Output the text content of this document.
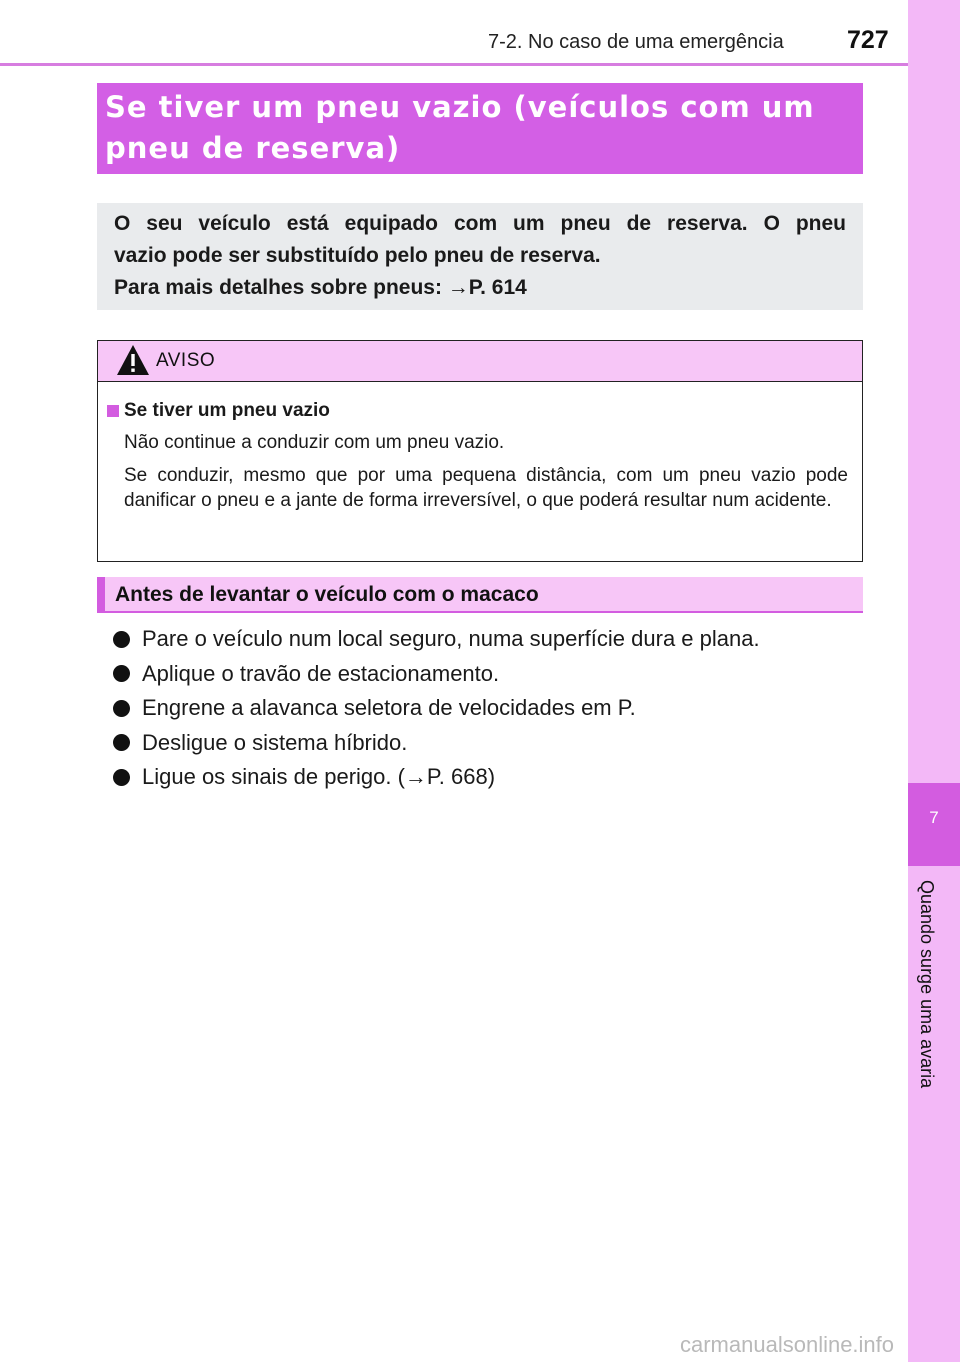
7-2. No caso de uma emergência	727
7
Quando surge uma avaria
Se tiver um pneu vazio (veículos com um pneu de reserva)
O seu veículo está equipado com um pneu de reserva. O pneu
vazio pode ser substituído pelo pneu de reserva.
Para mais detalhes sobre pneus: →P. 614
AVISO
Se tiver um pneu vazio

Não continue a conduzir com um pneu vazio.

Se conduzir, mesmo que por uma pequena distância, com um pneu vazio pode danificar o pneu e a jante de forma irreversível, o que poderá resultar num acidente.

Antes de levantar o veículo com o macaco
Pare o veículo num local seguro, numa superfície dura e plana.
Aplique o travão de estacionamento.
Engrene a alavanca seletora de velocidades em P.
Desligue o sistema híbrido.
Ligue os sinais de perigo. (→P. 668)
carmanualsonline.info
